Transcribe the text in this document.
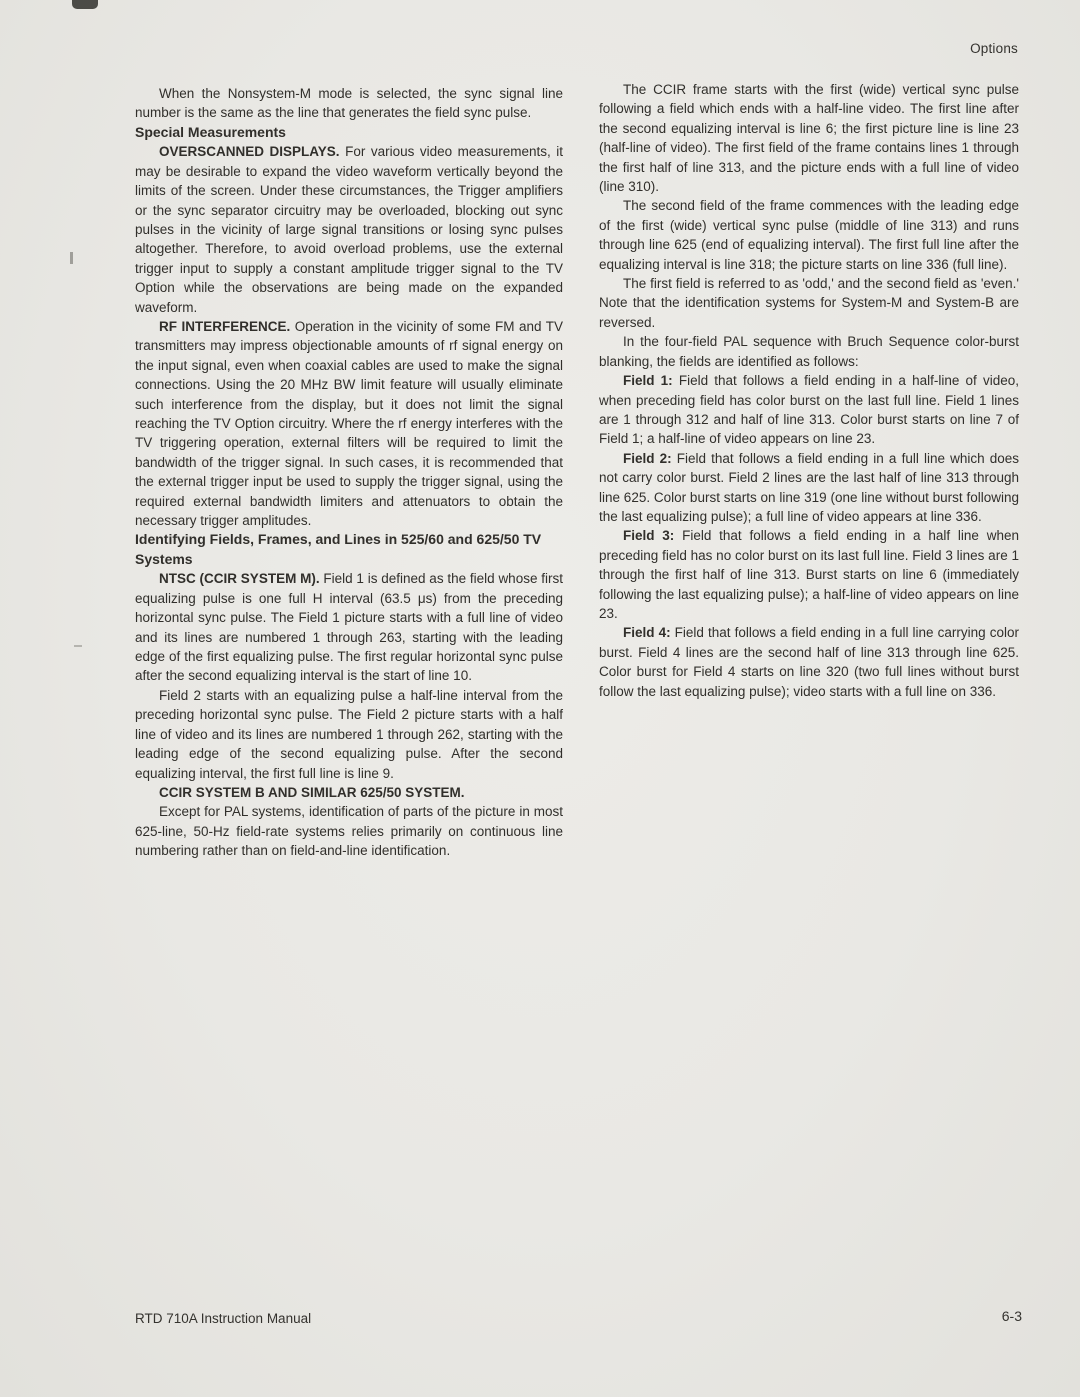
Options

When the Nonsystem-M mode is selected, the sync signal line number is the same as the line that generates the field sync pulse.

Special Measurements

OVERSCANNED DISPLAYS. For various video measurements, it may be desirable to expand the video waveform vertically beyond the limits of the screen. Under these circumstances, the Trigger amplifiers or the sync separator circuitry may be overloaded, blocking out sync pulses in the vicinity of large signal transitions or losing sync pulses altogether. Therefore, to avoid overload problems, use the external trigger input to supply a constant amplitude trigger signal to the TV Option while the observations are being made on the expanded waveform.

RF INTERFERENCE. Operation in the vicinity of some FM and TV transmitters may impress objectionable amounts of rf signal energy on the input signal, even when coaxial cables are used to make the signal connections. Using the 20 MHz BW limit feature will usually eliminate such interference from the display, but it does not limit the signal reaching the TV Option circuitry. Where the rf energy interferes with the TV triggering operation, external filters will be required to limit the bandwidth of the trigger signal. In such cases, it is recommended that the external trigger input be used to supply the trigger signal, using the required external bandwidth limiters and attenuators to obtain the necessary trigger amplitudes.

Identifying Fields, Frames, and Lines in 525/60 and 625/50 TV Systems

NTSC (CCIR SYSTEM M). Field 1 is defined as the field whose first equalizing pulse is one full H interval (63.5 μs) from the preceding horizontal sync pulse. The Field 1 picture starts with a full line of video and its lines are numbered 1 through 263, starting with the leading edge of the first equalizing pulse. The first regular horizontal sync pulse after the second equalizing interval is the start of line 10.

Field 2 starts with an equalizing pulse a half-line interval from the preceding horizontal sync pulse. The Field 2 picture starts with a half line of video and its lines are numbered 1 through 262, starting with the leading edge of the second equalizing pulse. After the second equalizing interval, the first full line is line 9.

CCIR SYSTEM B AND SIMILAR 625/50 SYSTEM.

Except for PAL systems, identification of parts of the picture in most 625-line, 50-Hz field-rate systems relies primarily on continuous line numbering rather than on field-and-line identification.

The CCIR frame starts with the first (wide) vertical sync pulse following a field which ends with a half-line video. The first line after the second equalizing interval is line 6; the first picture line is line 23 (half-line of video). The first field of the frame contains lines 1 through the first half of line 313, and the picture ends with a full line of video (line 310).

The second field of the frame commences with the leading edge of the first (wide) vertical sync pulse (middle of line 313) and runs through line 625 (end of equalizing interval). The first full line after the equalizing interval is line 318; the picture starts on line 336 (full line).

The first field is referred to as 'odd,' and the second field as 'even.' Note that the identification systems for System-M and System-B are reversed.

In the four-field PAL sequence with Bruch Sequence color-burst blanking, the fields are identified as follows:

Field 1: Field that follows a field ending in a half-line of video, when preceding field has color burst on the last full line. Field 1 lines are 1 through 312 and half of line 313. Color burst starts on line 7 of Field 1; a half-line of video appears on line 23.

Field 2: Field that follows a field ending in a full line which does not carry color burst. Field 2 lines are the last half of line 313 through line 625. Color burst starts on line 319 (one line without burst following the last equalizing pulse); a full line of video appears at line 336.

Field 3: Field that follows a field ending in a half line when preceding field has no color burst on its last full line. Field 3 lines are 1 through the first half of line 313. Burst starts on line 6 (immediately following the last equalizing pulse); a half-line of video appears on line 23.

Field 4: Field that follows a field ending in a full line carrying color burst. Field 4 lines are the second half of line 313 through line 625. Color burst for Field 4 starts on line 320 (two full lines without burst follow the last equalizing pulse); video starts with a full line on 336.

RTD 710A Instruction Manual	6-3
